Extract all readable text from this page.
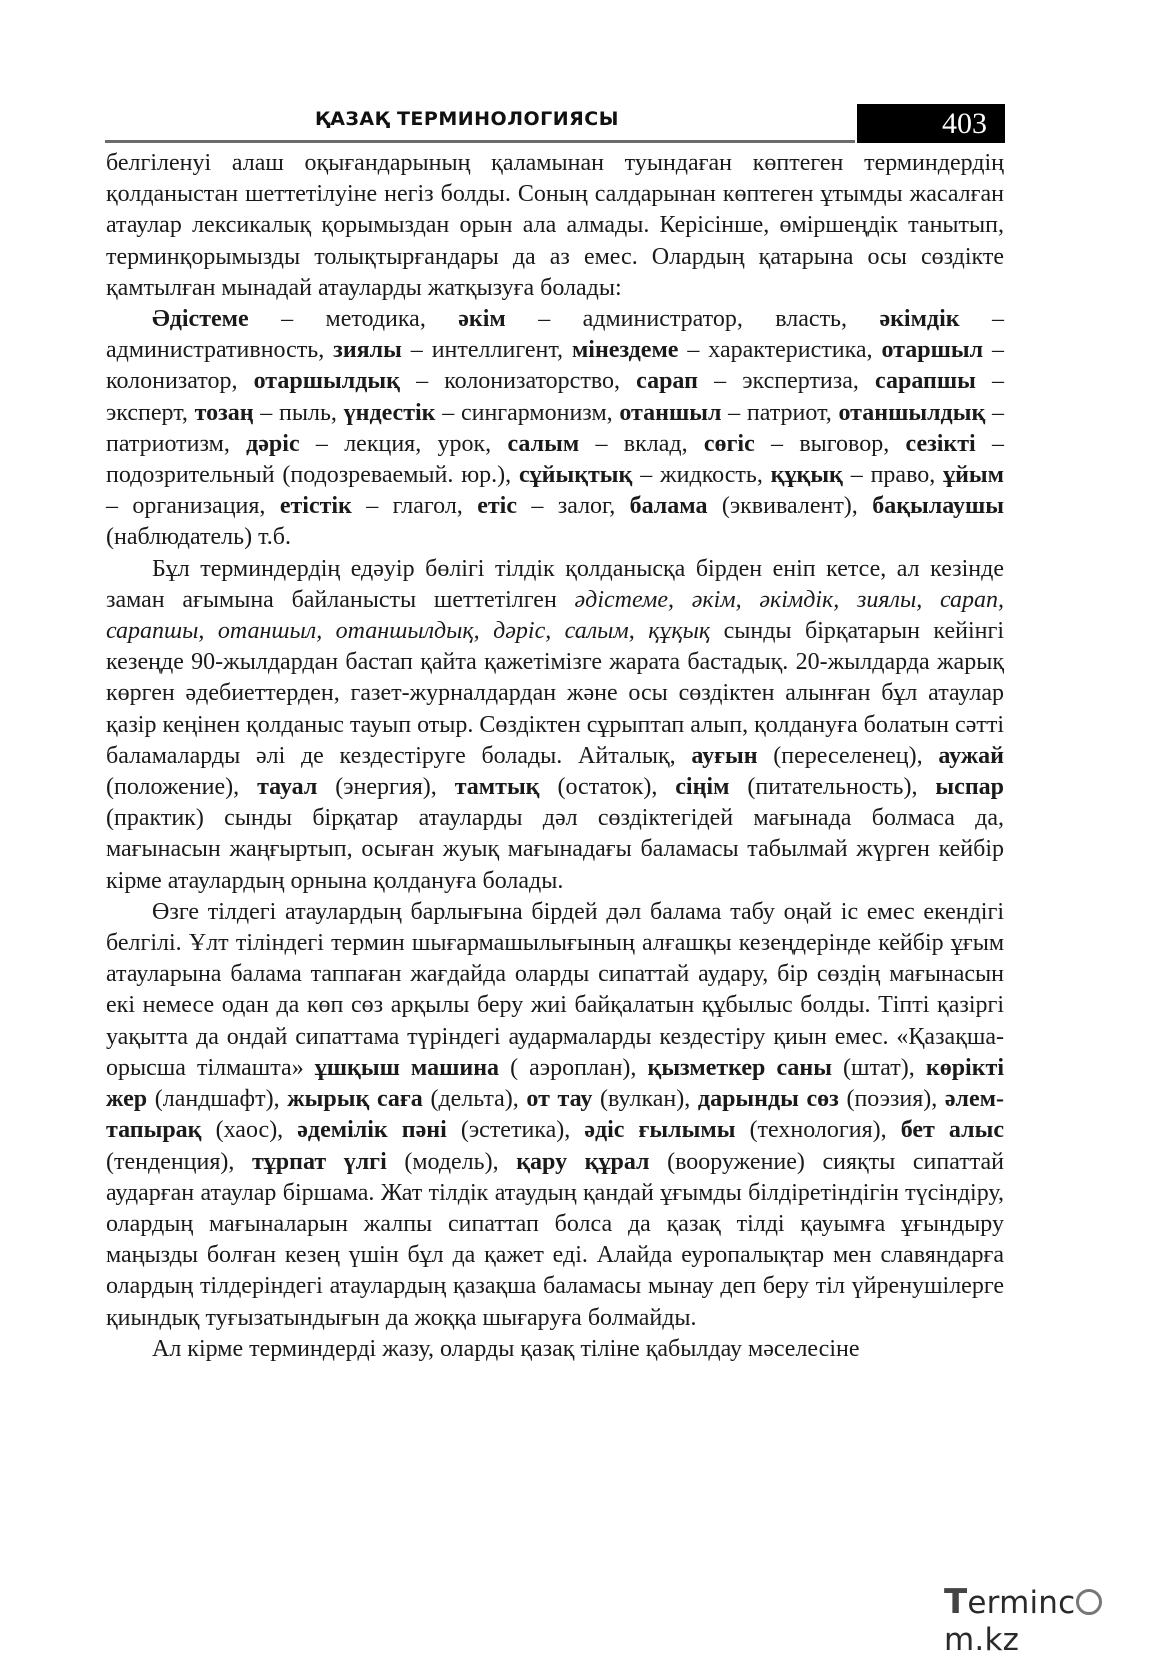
ҚАЗАҚ ТЕРМИНОЛОГИЯСЫ	403

белгіленуі алаш оқығандарының қаламынан туындаған көптеген терминдердің қолданыстан шеттетілуіне негіз болды. Соның салдарынан көптеген ұтымды жасалған атаулар лексикалық қорымыздан орын ала алмады. Керісінше, өміршеңдік танытып, терминқорымызды толықтырғандары да аз емес. Олардың қатарына осы сөздікте қамтылған мынадай атауларды жатқызуға болады:

Әдістеме – методика, әкім – администратор, власть, әкімдік – административность, зиялы – интеллигент, мінездеме – характеристика, отаршыл – колонизатор, отаршылдық – колонизаторство, сарап – экспертиза, сарапшы – эксперт, тозаң – пыль, үндестік – сингармонизм, отаншыл – патриот, отаншылдық – патриотизм, дәріс – лекция, урок, салым – вклад, сөгіс – выговор, сезікті – подозрительный (подозреваемый. юр.), сұйықтық – жидкость, құқық – право, ұйым – организация, етістік – глагол, етіс – залог, балама (эквивалент), бақылаушы (наблюдатель) т.б.

Бұл терминдердің едәуір бөлігі тілдік қолданысқа бірден еніп кетсе, ал кезінде заман ағымына байланысты шеттетілген әдістеме, әкім, әкімдік, зиялы, сарап, сарапшы, отаншыл, отаншылдық, дәріс, салым, құқық сынды бірқатарын кейінгі кезеңде 90-жылдардан бастап қайта қажетімізге жарата бастадық. 20-жылдарда жарық көрген әдебиеттерден, газет-журналдардан және осы сөздіктен алынған бұл атаулар қазір кеңінен қолданыс тауып отыр. Сөздіктен сұрыптап алып, қолдануға болатын сәтті баламаларды әлі де кездестіруге болады. Айталық, ауғын (переселенец), аужай (положение), тауал (энергия), тамтық (остаток), сіңім (питательность), ыспар (практик) сынды бірқатар атауларды дәл сөздіктегідей мағынада болмаса да, мағынасын жаңғыртып, осыған жуық мағынадағы баламасы табылмай жүрген кейбір кірме атаулардың орнына қолдануға болады.

Өзге тілдегі атаулардың барлығына бірдей дәл балама табу оңай іс емес екендігі белгілі. Ұлт тіліндегі термин шығармашылығының алғашқы кезеңдерінде кейбір ұғым атауларына балама таппаған жағдайда оларды сипаттай аудару, бір сөздің мағынасын екі немесе одан да көп сөз арқылы беру жиі байқалатын құбылыс болды. Тіпті қазіргі уақытта да ондай сипаттама түріндегі аудармаларды кездестіру қиын емес. «Қазақша-орысша тілмашта» ұшқыш машина ( аэроплан), қызметкер саны (штат), көрікті жер (ландшафт), жырық саға (дельта), от тау (вулкан), дарынды сөз (поэзия), әлем-тапырақ (хаос), әдемілік пәні (эстетика), әдіс ғылымы (технология), бет алыс (тенденция), тұрпат үлгі (модель), қару құрал (вооружение) сияқты сипаттай аударған атаулар біршама. Жат тілдік атаудың қандай ұғымды білдіретіндігін түсіндіру, олардың мағыналарын жалпы сипаттап болса да қазақ тілді қауымға ұғындыру маңызды болған кезең үшін бұл да қажет еді. Алайда еуропалықтар мен славяндарға олардың тілдеріндегі атаулардың қазақша баламасы мынау деп беру тіл үйренушілерге қиындық туғызатындығын да жоққа шығаруға болмайды.

Ал кірме терминдерді жазу, оларды қазақ тіліне қабылдау мәселесіне

Termincm.kz
